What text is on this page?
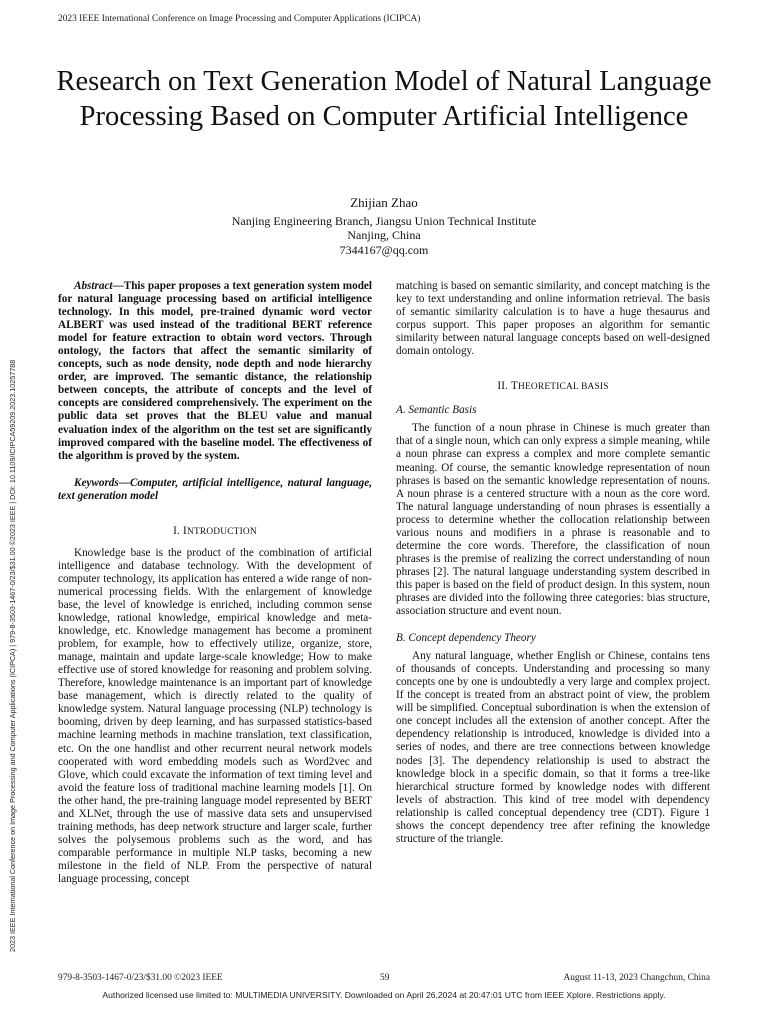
2023 IEEE International Conference on Image Processing and Computer Applications (ICIPCA)
2023 IEEE International Conference on Image Processing and Computer Applications (ICIPCA) | 979-8-3503-1467-0/23/$31.00 ©2023 IEEE | DOI: 10.1109/ICIPCA59209.2023.10257788
Research on Text Generation Model of Natural Language Processing Based on Computer Artificial Intelligence
Zhijian Zhao
Nanjing Engineering Branch, Jiangsu Union Technical Institute
Nanjing, China
7344167@qq.com

Abstract—This paper proposes a text generation system model for natural language processing based on artificial intelligence technology. In this model, pre-trained dynamic word vector ALBERT was used instead of the traditional BERT reference model for feature extraction to obtain word vectors. Through ontology, the factors that affect the semantic similarity of concepts, such as node density, node depth and node hierarchy order, are improved. The semantic distance, the relationship between concepts, the attribute of concepts and the level of concepts are considered comprehensively. The experiment on the public data set proves that the BLEU value and manual evaluation index of the algorithm on the test set are significantly improved compared with the baseline model. The effectiveness of the algorithm is proved by the system.

Keywords—Computer, artificial intelligence, natural language, text generation model

I. INTRODUCTION

Knowledge base is the product of the combination of artificial intelligence and database technology. With the development of computer technology, its application has entered a wide range of non-numerical processing fields. With the enlargement of knowledge base, the level of knowledge is enriched, including common sense knowledge, rational knowledge, empirical knowledge and meta-knowledge, etc. Knowledge management has become a prominent problem, for example, how to effectively utilize, organize, store, manage, maintain and update large-scale knowledge; How to make effective use of stored knowledge for reasoning and problem solving. Therefore, knowledge maintenance is an important part of knowledge base management, which is directly related to the quality of knowledge system. Natural language processing (NLP) technology is booming, driven by deep learning, and has surpassed statistics-based machine learning methods in machine translation, text classification, etc. On the one handlist and other recurrent neural network models cooperated with word embedding models such as Word2vec and Glove, which could excavate the information of text timing level and avoid the feature loss of traditional machine learning models [1]. On the other hand, the pre-training language model represented by BERT and XLNet, through the use of massive data sets and unsupervised training methods, has deep network structure and larger scale, further solves the polysemous problems such as the word, and has comparable performance in multiple NLP tasks, becoming a new milestone in the field of NLP. From the perspective of natural language processing, concept

matching is based on semantic similarity, and concept matching is the key to text understanding and online information retrieval. The basis of semantic similarity calculation is to have a huge thesaurus and corpus support. This paper proposes an algorithm for semantic similarity between natural language concepts based on well-designed domain ontology.

II. THEORETICAL BASIS
A. Semantic Basis

The function of a noun phrase in Chinese is much greater than that of a single noun, which can only express a simple meaning, while a noun phrase can express a complex and more complete semantic meaning. Of course, the semantic knowledge representation of noun phrases is based on the semantic knowledge representation of nouns. A noun phrase is a centered structure with a noun as the core word. The natural language understanding of noun phrases is essentially a process to determine whether the collocation relationship between various nouns and modifiers in a phrase is reasonable and to determine the core words. Therefore, the classification of noun phrases is the premise of realizing the correct understanding of noun phrases [2]. The natural language understanding system described in this paper is based on the field of product design. In this system, noun phrases are divided into the following three categories: bias structure, association structure and event noun.

B. Concept dependency Theory

Any natural language, whether English or Chinese, contains tens of thousands of concepts. Understanding and processing so many concepts one by one is undoubtedly a very large and complex project. If the concept is treated from an abstract point of view, the problem will be simplified. Conceptual subordination is when the extension of one concept includes all the extension of another concept. After the dependency relationship is introduced, knowledge is divided into a series of nodes, and there are tree connections between knowledge nodes [3]. The dependency relationship is used to abstract the knowledge block in a specific domain, so that it forms a tree-like hierarchical structure formed by knowledge nodes with different levels of abstraction. This kind of tree model with dependency relationship is called conceptual dependency tree (CDT). Figure 1 shows the concept dependency tree after refining the knowledge structure of the triangle.

979-8-3503-1467-0/23/$31.00 ©2023 IEEE	59	August 11-13, 2023 Changchun, China
Authorized licensed use limited to: MULTIMEDIA UNIVERSITY. Downloaded on April 26,2024 at 20:47:01 UTC from IEEE Xplore. Restrictions apply.
